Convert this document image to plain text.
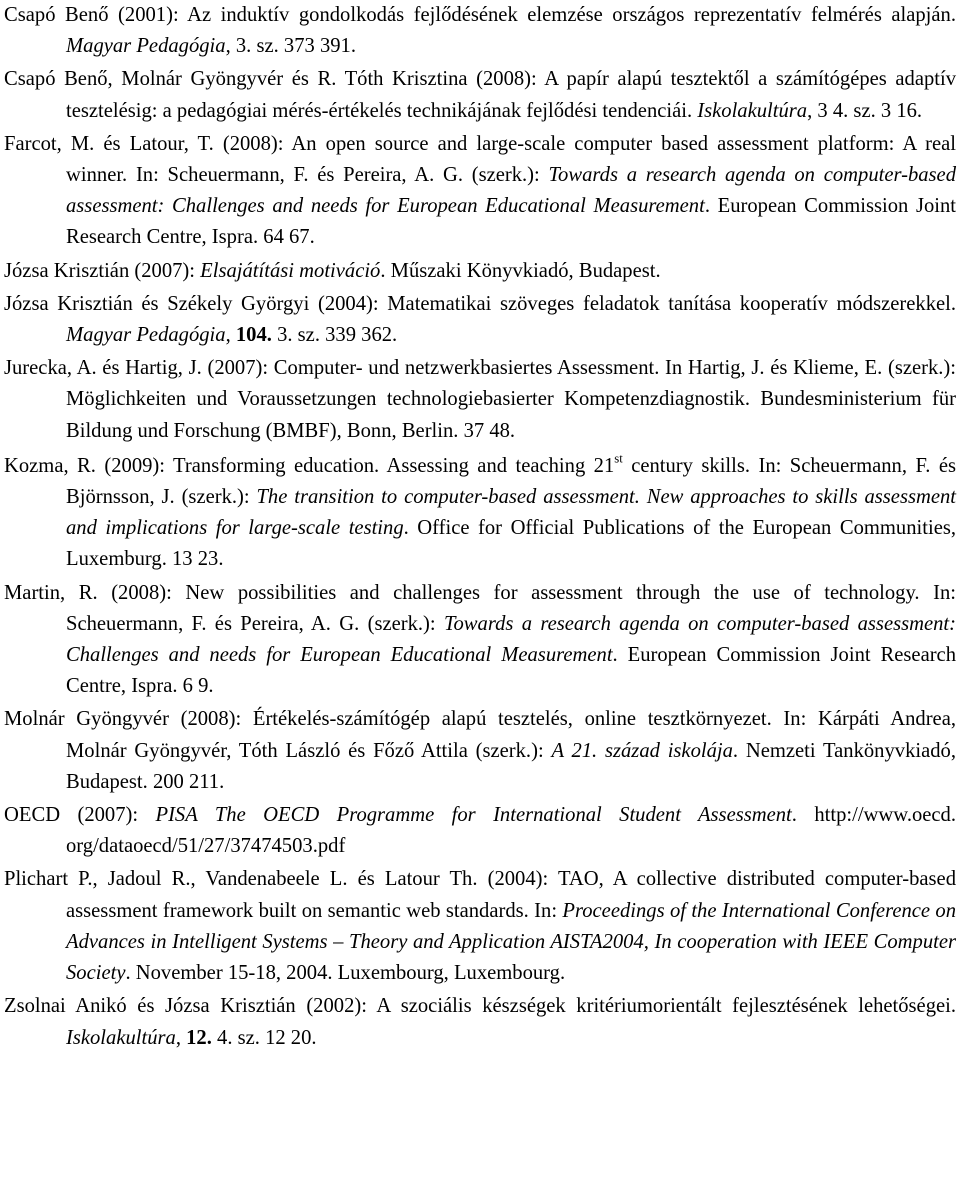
Csapó Benő (2001): Az induktív gondolkodás fejlődésének elemzése országos reprezentatív felmérés alapján. Magyar Pedagógia, 3. sz. 373 391.

Csapó Benő, Molnár Gyöngyvér és R. Tóth Krisztina (2008): A papír alapú tesztektől a számítógépes adaptív tesztelésig: a pedagógiai mérés-értékelés technikájának fejlődési tendenciái. Iskolakultúra, 3 4. sz. 3 16.

Farcot, M. és Latour, T. (2008): An open source and large-scale computer based assessment platform: A real winner. In: Scheuermann, F. és Pereira, A. G. (szerk.): Towards a research agenda on computer-based assessment: Challenges and needs for European Educational Measurement. European Commission Joint Research Centre, Ispra. 64 67.

Józsa Krisztián (2007): Elsajátítási motiváció. Műszaki Könyvkiadó, Budapest.

Józsa Krisztián és Székely Györgyi (2004): Matematikai szöveges feladatok tanítása kooperatív módszerekkel. Magyar Pedagógia, 104. 3. sz. 339 362.

Jurecka, A. és Hartig, J. (2007): Computer- und netzwerkbasiertes Assessment. In Hartig, J. és Klieme, E. (szerk.): Möglichkeiten und Voraussetzungen technologiebasierter Kompetenzdiagnostik. Bundesministerium für Bildung und Forschung (BMBF), Bonn, Berlin. 37 48.

Kozma, R. (2009): Transforming education. Assessing and teaching 21st century skills. In: Scheuermann, F. és Björnsson, J. (szerk.): The transition to computer-based assessment. New approaches to skills assessment and implications for large-scale testing. Office for Official Publications of the European Communities, Luxemburg. 13 23.

Martin, R. (2008): New possibilities and challenges for assessment through the use of technology. In: Scheuermann, F. és Pereira, A. G. (szerk.): Towards a research agenda on computer-based assessment: Challenges and needs for European Educational Measurement. European Commission Joint Research Centre, Ispra. 6 9.

Molnár Gyöngyvér (2008): Értékelés-számítógép alapú tesztelés, online tesztkörnyezet. In: Kárpáti Andrea, Molnár Gyöngyvér, Tóth László és Főző Attila (szerk.): A 21. század iskolája. Nemzeti Tankönyvkiadó, Budapest. 200 211.

OECD (2007): PISA The OECD Programme for International Student Assessment. http://www.oecd. org/dataoecd/51/27/37474503.pdf

Plichart P., Jadoul R., Vandenabeele L. és Latour Th. (2004): TAO, A collective distributed computer-based assessment framework built on semantic web standards. In: Proceedings of the International Conference on Advances in Intelligent Systems – Theory and Application AISTA2004, In cooperation with IEEE Computer Society. November 15-18, 2004. Luxembourg, Luxembourg.

Zsolnai Anikó és Józsa Krisztián (2002): A szociális készségek kritériumorientált fejlesztésének lehetőségei. Iskolakultúra, 12. 4. sz. 12 20.
